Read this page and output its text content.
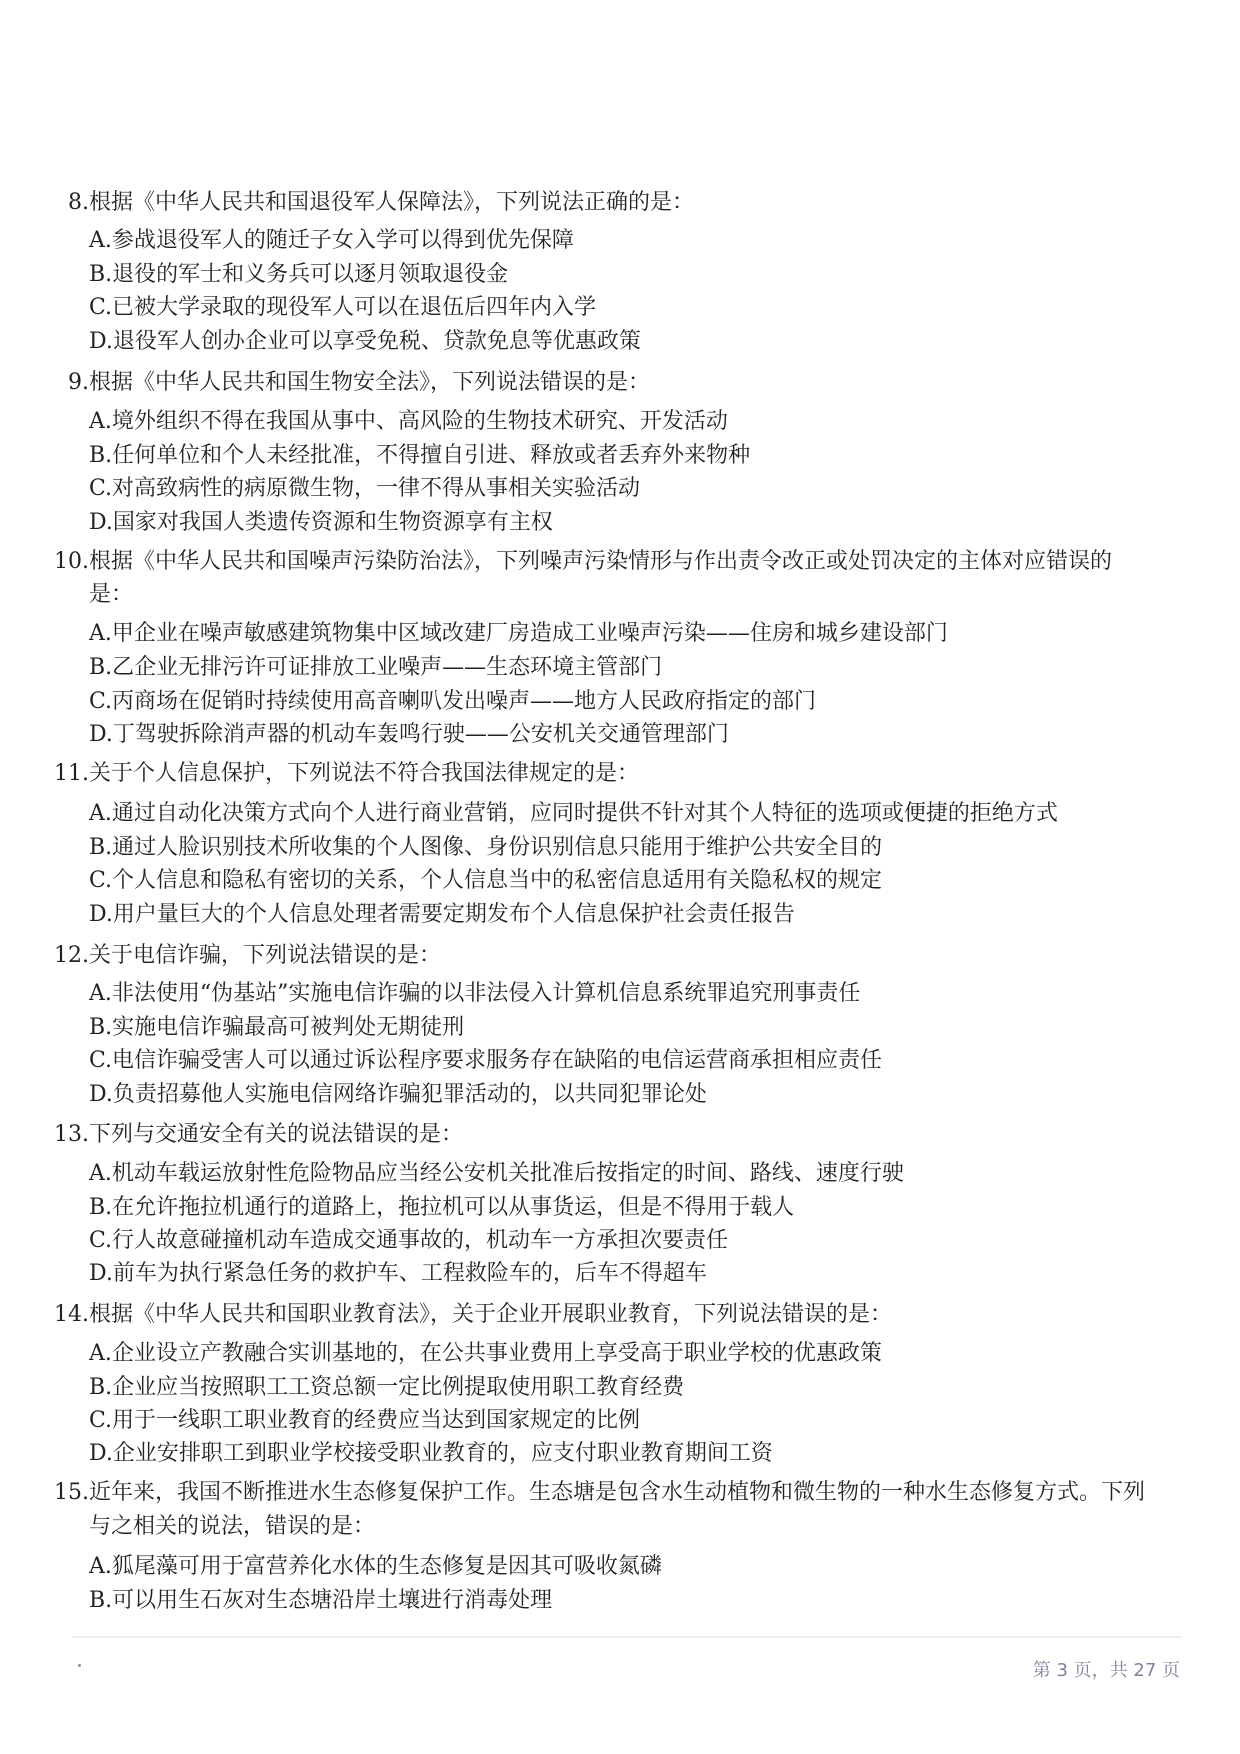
8. 根据《中华人民共和国退役军人保障法》，下列说法正确的是：
A.参战退役军人的随迁子女入学可以得到优先保障
B.退役的军士和义务兵可以逐月领取退役金
C.已被大学录取的现役军人可以在退伍后四年内入学
D.退役军人创办企业可以享受免税、贷款免息等优惠政策
9. 根据《中华人民共和国生物安全法》，下列说法错误的是：
A.境外组织不得在我国从事中、高风险的生物技术研究、开发活动
B.任何单位和个人未经批准，不得擅自引进、释放或者丢弃外来物种
C.对高致病性的病原微生物，一律不得从事相关实验活动
D.国家对我国人类遗传资源和生物资源享有主权
10. 根据《中华人民共和国噪声污染防治法》，下列噪声污染情形与作出责令改正或处罚决定的主体对应错误的
是：
A.甲企业在噪声敏感建筑物集中区域改建厂房造成工业噪声污染——住房和城乡建设部门
B.乙企业无排污许可证排放工业噪声——生态环境主管部门
C.丙商场在促销时持续使用高音喇叭发出噪声——地方人民政府指定的部门
D.丁驾驶拆除消声器的机动车轰鸣行驶——公安机关交通管理部门
11. 关于个人信息保护，下列说法不符合我国法律规定的是：
A.通过自动化决策方式向个人进行商业营销，应同时提供不针对其个人特征的选项或便捷的拒绝方式
B.通过人脸识别技术所收集的个人图像、身份识别信息只能用于维护公共安全目的
C.个人信息和隐私有密切的关系，个人信息当中的私密信息适用有关隐私权的规定
D.用户量巨大的个人信息处理者需要定期发布个人信息保护社会责任报告
12. 关于电信诈骗，下列说法错误的是：
A.非法使用“伪基站”实施电信诈骗的以非法侵入计算机信息系统罪追究刑事责任
B.实施电信诈骗最高可被判处无期徒刑
C.电信诈骗受害人可以通过诉讼程序要求服务存在缺陷的电信运营商承担相应责任
D.负责招募他人实施电信网络诈骗犯罪活动的，以共同犯罪论处
13. 下列与交通安全有关的说法错误的是：
A.机动车载运放射性危险物品应当经公安机关批准后按指定的时间、路线、速度行驶
B.在允许拖拉机通行的道路上，拖拉机可以从事货运，但是不得用于载人
C.行人故意碰撞机动车造成交通事故的，机动车一方承担次要责任
D.前车为执行紧急任务的救护车、工程救险车的，后车不得超车
14. 根据《中华人民共和国职业教育法》，关于企业开展职业教育，下列说法错误的是：
A.企业设立产教融合实训基地的，在公共事业费用上享受高于职业学校的优惠政策
B.企业应当按照职工工资总额一定比例提取使用职工教育经费
C.用于一线职工职业教育的经费应当达到国家规定的比例
D.企业安排职工到职业学校接受职业教育的，应支付职业教育期间工资
15. 近年来，我国不断推进水生态修复保护工作。生态塘是包含水生动植物和微生物的一种水生态修复方式。下列
与之相关的说法，错误的是：
A.狐尾藻可用于富营养化水体的生态修复是因其可吸收氮磷
B.可以用生石灰对生态塘沿岸土壤进行消毒处理
第 3 页，共 27 页
